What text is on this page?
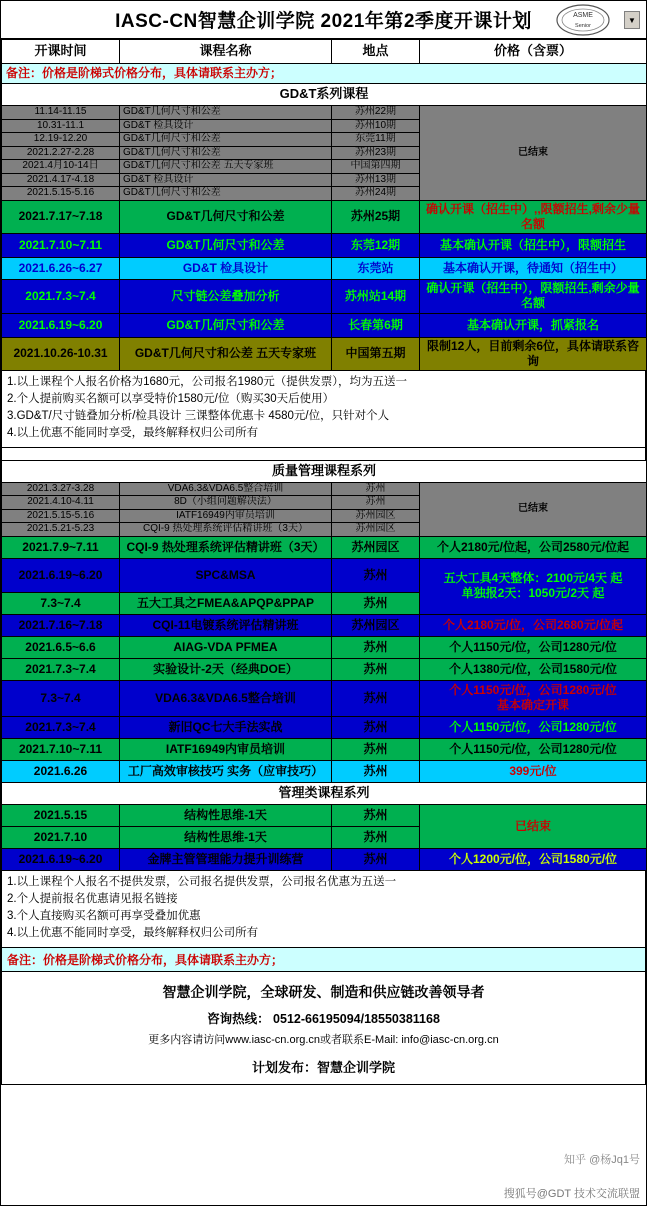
IASC-CN智慧企训学院 2021年第2季度开课计划	ASME
Senior
▼
开课时间	课程名称	地点	价格（含票）
备注：价格是阶梯式价格分布，具体请联系主办方；			
GD&T系列课程			
11.14-11.15	GD&T几何尺寸和公差	苏州22期	已结束
10.31-11.1	GD&T 检具设计	苏州10期	
12.19-12.20	GD&T几何尺寸和公差	东莞11期	
2021.2.27-2.28	GD&T几何尺寸和公差	苏州23期	
2021.4月10-14日	GD&T几何尺寸和公差 五天专家班	中国第四期	
2021.4.17-4.18	GD&T 检具设计	苏州13期	
2021.5.15-5.16	GD&T几何尺寸和公差	苏州24期	
2021.7.17~7.18	GD&T几何尺寸和公差	苏州25期	确认开课（招生中）,,限额招生,剩余少量名额
2021.7.10~7.11	GD&T几何尺寸和公差	东莞12期	基本确认开课（招生中），限额招生
2021.6.26~6.27	GD&T 检具设计	东莞站	基本确认开课，待通知（招生中）
2021.7.3~7.4	尺寸链公差叠加分析	苏州站14期	确认开课（招生中），限额招生,剩余少量名额
2021.6.19~6.20	GD&T几何尺寸和公差	长春第6期	基本确认开课，抓紧报名
2021.10.26-10.31	GD&T几何尺寸和公差 五天专家班	中国第五期	限制12人，目前剩余6位，具体请联系咨询
1.以上课程个人报名价格为1680元，公司报名1980元（提供发票），均为五送一
2.个人提前购买名额可以享受特价1580元/位（购买30天后使用）
3.GD&T/尺寸链叠加分析/检具设计 三课整体优惠卡 4580元/位，只针对个人
4.以上优惠不能同时享受，最终解释权归公司所有
质量管理课程系列			
2021.3.27-3.28	VDA6.3&VDA6.5整合培训	苏州	已结束
2021.4.10-4.11	8D（小组问题解决法）	苏州	
2021.5.15-5.16	IATF16949内审员培训	苏州园区	
2021.5.21-5.23	CQI-9 热处理系统评估精讲班（3天）	苏州园区	
2021.7.9~7.11	CQI-9 热处理系统评估精讲班（3天）	苏州园区	个人2180元/位起，公司2580元/位起
2021.6.19~6.20	SPC&MSA	苏州	五大工具4天整体：2100元/4天 起
单独报2天：1050元/2天 起
7.3~7.4	五大工具之FMEA&APQP&PPAP	苏州	
2021.7.16~7.18	CQI-11电镀系统评估精讲班	苏州园区	个人2180元/位，公司2680元/位起
2021.6.5~6.6	AIAG-VDA PFMEA	苏州	个人1150元/位，公司1280元/位
2021.7.3~7.4	实验设计-2天（经典DOE）	苏州	个人1380元/位，公司1580元/位
7.3~7.4	VDA6.3&VDA6.5整合培训	苏州	个人1150元/位，公司1280元/位
基本确定开课
2021.7.3~7.4	新旧QC七大手法实战	苏州	个人1150元/位，公司1280元/位
2021.7.10~7.11	IATF16949内审员培训	苏州	个人1150元/位，公司1280元/位
2021.6.26	工厂高效审核技巧 实务（应审技巧）	苏州	399元/位
管理类课程系列			
2021.5.15	结构性思维-1天	苏州	已结束
2021.7.10	结构性思维-1天	苏州	
2021.6.19~6.20	金牌主管管理能力提升训练营	苏州	个人1200元/位，公司1580元/位
1.以上课程个人报名不提供发票，公司报名提供发票，公司报名优惠为五送一
2.个人提前报名优惠请见报名链接
3.个人直接购买名额可再享受叠加优惠
4.以上优惠不能同时享受，最终解释权归公司所有
备注：价格是阶梯式价格分布，具体请联系主办方；
智慧企训学院，全球研发、制造和供应链改善领导者
咨询热线： 0512-66195094/18550381168
更多内容请访问www.iasc-cn.org.cn或者联系E-Mail: info@iasc-cn.org.cn
计划发布：智慧企训学院
知乎 @杨Jq1号
搜狐号@GDT 技术交流联盟
